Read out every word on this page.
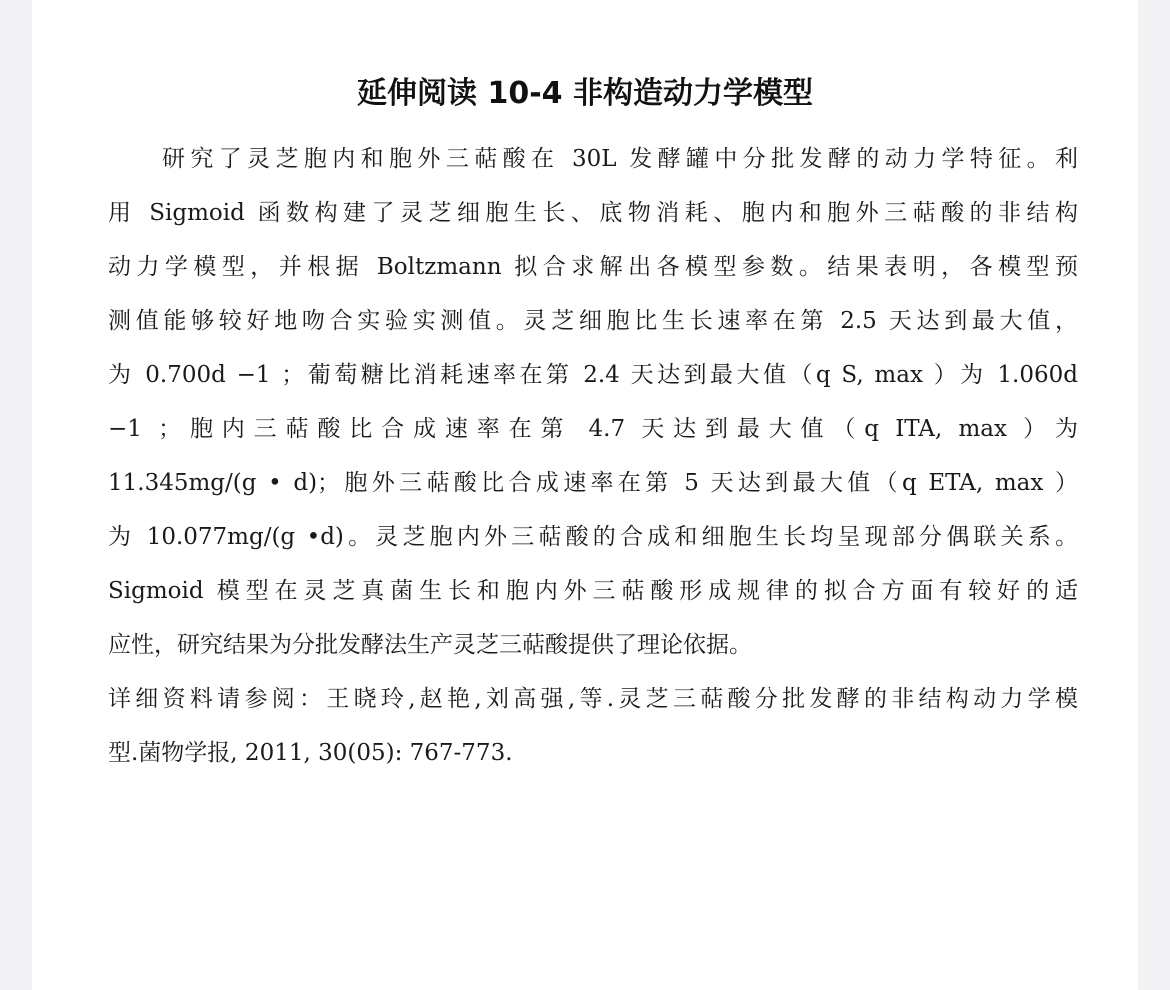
延伸阅读 10-4 非构造动力学模型
研究了灵芝胞内和胞外三萜酸在 30L 发酵罐中分批发酵的动力学特征。利
用 Sigmoid 函数构建了灵芝细胞生长、底物消耗、胞内和胞外三萜酸的非结构
动力学模型，并根据 Boltzmann 拟合求解出各模型参数。结果表明，各模型预
测值能够较好地吻合实验实测值。灵芝细胞比生长速率在第 2.5 天达到最大值，
为 0.700d −1 ；葡萄糖比消耗速率在第 2.4 天达到最大值（q S, max ）为 1.060d
−1 ；胞内三萜酸比合成速率在第 4.7 天达到最大值（q ITA, max ）为
11.345mg/(g • d)；胞外三萜酸比合成速率在第 5 天达到最大值（q ETA, max ）
为 10.077mg/(g •d)。灵芝胞内外三萜酸的合成和细胞生长均呈现部分偶联关系。
Sigmoid 模型在灵芝真菌生长和胞内外三萜酸形成规律的拟合方面有较好的适
应性，研究结果为分批发酵法生产灵芝三萜酸提供了理论依据。
详细资料请参阅：王晓玲,赵艳,刘高强,等.灵芝三萜酸分批发酵的非结构动力学模
型.菌物学报, 2011, 30(05): 767-773.
